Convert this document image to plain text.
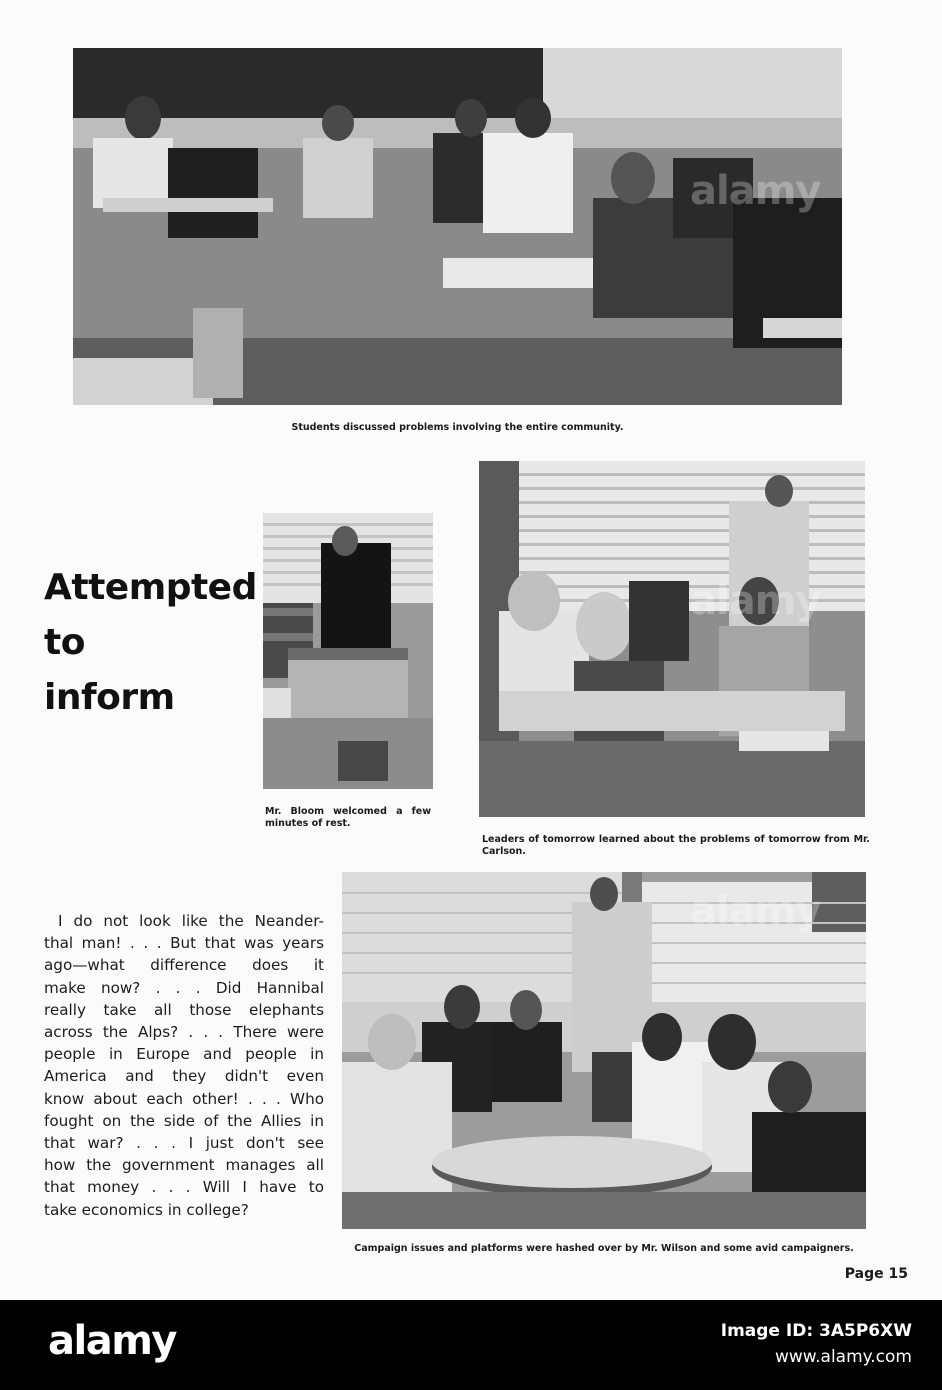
Students discussed problems involving the entire community.

Attempted
to
inform

Mr. Bloom welcomed a few minutes of rest.

Leaders of tomorrow learned about the problems of tomorrow from Mr. Carlson.

I do not look like the Neander-
thal man! . . . But that was years
ago—what difference does it
make now? . . . Did Hannibal
really take all those elephants
across the Alps? . . . There were
people in Europe and people in
America and they didn't even
know about each other! . . . Who
fought on the side of the Allies in
that war? . . . I just don't see
how the government manages all
that money . . . Will I have to
take economics in college?

Campaign issues and platforms were hashed over by Mr. Wilson and some avid campaigners.

Page 15

alamy
alamy
alamy

alamy	Image ID: 3A5P6XW
www.alamy.com
